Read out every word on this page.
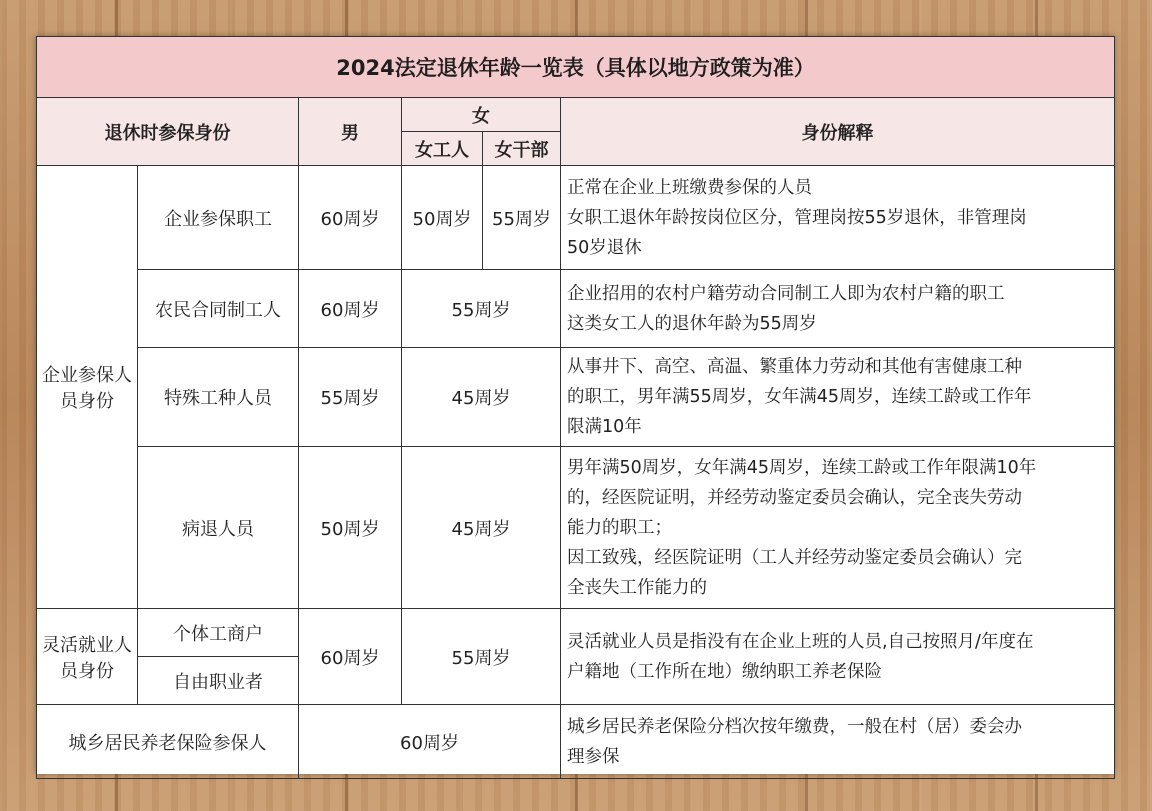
2024法定退休年龄一览表（具体以地方政策为准）					
退休时参保身份		男	女		身份解释
			女工人	女干部	
企业参保人员身份	企业参保职工	60周岁	50周岁	55周岁	正常在企业上班缴费参保的人员
女职工退休年龄按岗位区分，管理岗按55岁退休，非管理岗
50岁退休

	农民合同制工人	60周岁	55周岁		企业招用的农村户籍劳动合同制工人即为农村户籍的职工
这类女工人的退休年龄为55周岁

	特殊工种人员	55周岁	45周岁		从事井下、高空、高温、繁重体力劳动和其他有害健康工种
的职工，男年满55周岁，女年满45周岁，连续工龄或工作年
限满10年

	病退人员	50周岁	45周岁		男年满50周岁，女年满45周岁，连续工龄或工作年限满10年
的，经医院证明，并经劳动鉴定委员会确认，完全丧失劳动
能力的职工；
因工致残，经医院证明（工人并经劳动鉴定委员会确认）完
全丧失工作能力的

灵活就业人员身份	个体工商户	60周岁	55周岁		灵活就业人员是指没有在企业上班的人员,自己按照月/年度在
户籍地（工作所在地）缴纳职工养老保险

	自由职业者				
城乡居民养老保险参保人		60周岁			城乡居民养老保险分档次按年缴费，一般在村（居）委会办
理参保
